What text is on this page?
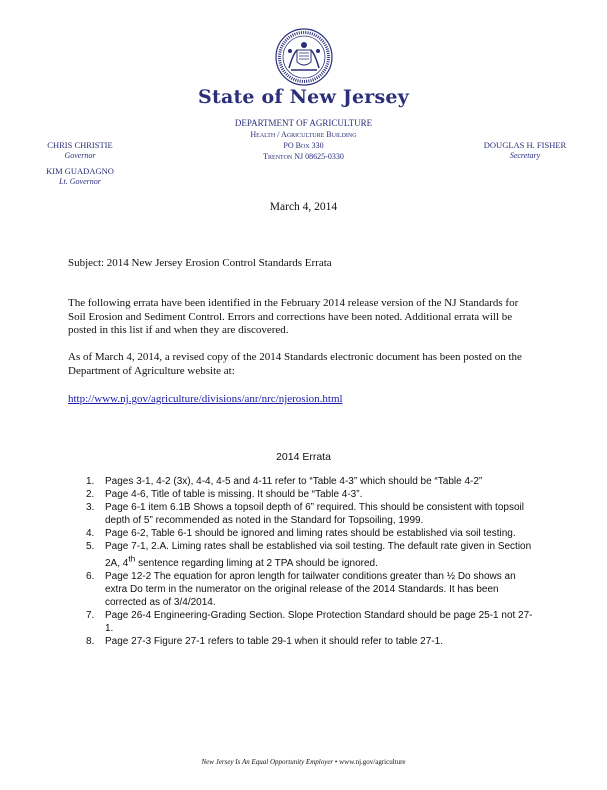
State of New Jersey
DEPARTMENT OF AGRICULTURE
Health / Agriculture Building
PO Box 330
Trenton NJ 08625-0330
CHRIS CHRISTIE
Governor
KIM GUADAGNO
Lt. Governor
DOUGLAS H. FISHER
Secretary
March 4, 2014
Subject: 2014 New Jersey Erosion Control Standards Errata
The following errata have been identified in the February 2014 release version of the NJ Standards for Soil Erosion and Sediment Control. Errors and corrections have been noted. Additional errata will be posted in this list if and when they are discovered.
As of March 4, 2014, a revised copy of the 2014 Standards electronic document has been posted on the Department of Agriculture website at:
http://www.nj.gov/agriculture/divisions/anr/nrc/njerosion.html
2014 Errata
1. Pages 3-1, 4-2 (3x), 4-4, 4-5 and 4-11 refer to “Table 4-3” which should be “Table 4-2”
2. Page 4-6, Title of table is missing. It should be “Table 4-3”.
3. Page 6-1 item 6.1B Shows a topsoil depth of 6” required. This should be consistent with topsoil depth of 5” recommended as noted in the Standard for Topsoiling, 1999.
4. Page 6-2, Table 6-1 should be ignored and liming rates should be established via soil testing.
5. Page 7-1, 2.A. Liming rates shall be established via soil testing. The default rate given in Section 2A, 4th sentence regarding liming at 2 TPA should be ignored.
6. Page 12-2 The equation for apron length for tailwater conditions greater than ½ Do shows an extra Do term in the numerator on the original release of the 2014 Standards. It has been corrected as of 3/4/2014.
7. Page 26-4 Engineering-Grading Section. Slope Protection Standard should be page 25-1 not 27-1.
8. Page 27-3 Figure 27-1 refers to table 29-1 when it should refer to table 27-1.
New Jersey Is An Equal Opportunity Employer • www.nj.gov/agriculture
